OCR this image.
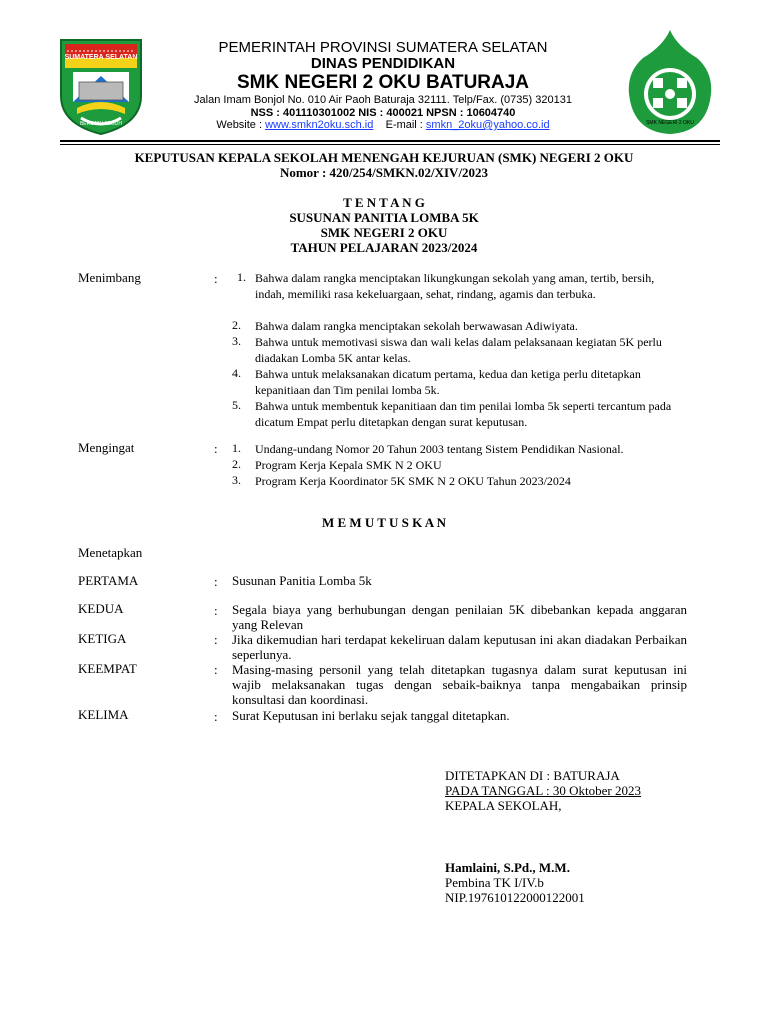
SUMATERA SELATAN
BERSATU TEGUH	SMK NEGERI 2 OKU
PEMERINTAH PROVINSI SUMATERA SELATAN
DINAS PENDIDIKAN
SMK NEGERI 2 OKU BATURAJA
Jalan Imam Bonjol No. 010 Air Paoh Baturaja 32111. Telp/Fax. (0735) 320131
NSS : 401110301002 NIS : 400021 NPSN : 10604740
Website : www.smkn2oku.sch.id E-mail : smkn_2oku@yahoo.co.id
KEPUTUSAN KEPALA SEKOLAH MENENGAH KEJURUAN (SMK) NEGERI 2 OKU
Nomor : 420/254/SMKN.02/XIV/2023
T E N T A N G
SUSUNAN PANITIA LOMBA 5K
SMK NEGERI 2 OKU
TAHUN PELAJARAN 2023/2024
Menimbang	: 1. Bahwa dalam rangka menciptakan likungkungan sekolah yang aman, tertib, bersih, indah, memiliki rasa kekeluargaan, sehat, rindang, agamis dan terbuka.
2. Bahwa dalam rangka menciptakan sekolah berwawasan Adiwiyata.
3. Bahwa untuk memotivasi siswa dan wali kelas dalam pelaksanaan kegiatan 5K perlu diadakan Lomba 5K antar kelas.
4. Bahwa untuk melaksanakan dicatum pertama, kedua dan ketiga perlu ditetapkan kepanitiaan dan Tim penilai lomba 5k.
5. Bahwa untuk membentuk kepanitiaan dan tim penilai lomba 5k seperti tercantum pada dicatum Empat perlu ditetapkan dengan surat keputusan.
Mengingat	: 1. Undang-undang Nomor 20 Tahun 2003 tentang Sistem Pendidikan Nasional.
2. Program Kerja Kepala SMK N 2 OKU
3. Program Kerja Koordinator 5K SMK N 2 OKU Tahun 2023/2024
M E M U T U S K A N
Menetapkan
PERTAMA	: Susunan Panitia Lomba 5k
KEDUA	: Segala biaya yang berhubungan dengan penilaian 5K dibebankan kepada anggaran yang Relevan
KETIGA	: Jika dikemudian hari terdapat kekeliruan dalam keputusan ini akan diadakan Perbaikan seperlunya.
KEEMPAT	: Masing-masing personil yang telah ditetapkan tugasnya dalam surat keputusan ini wajib melaksanakan tugas dengan sebaik-baiknya tanpa mengabaikan prinsip konsultasi dan koordinasi.
KELIMA	: Surat Keputusan ini berlaku sejak tanggal ditetapkan.
DITETAPKAN DI : BATURAJA
PADA TANGGAL : 30 Oktober 2023
KEPALA SEKOLAH,
Hamlaini, S.Pd., M.M.
Pembina TK I/IV.b
NIP.197610122000122001
